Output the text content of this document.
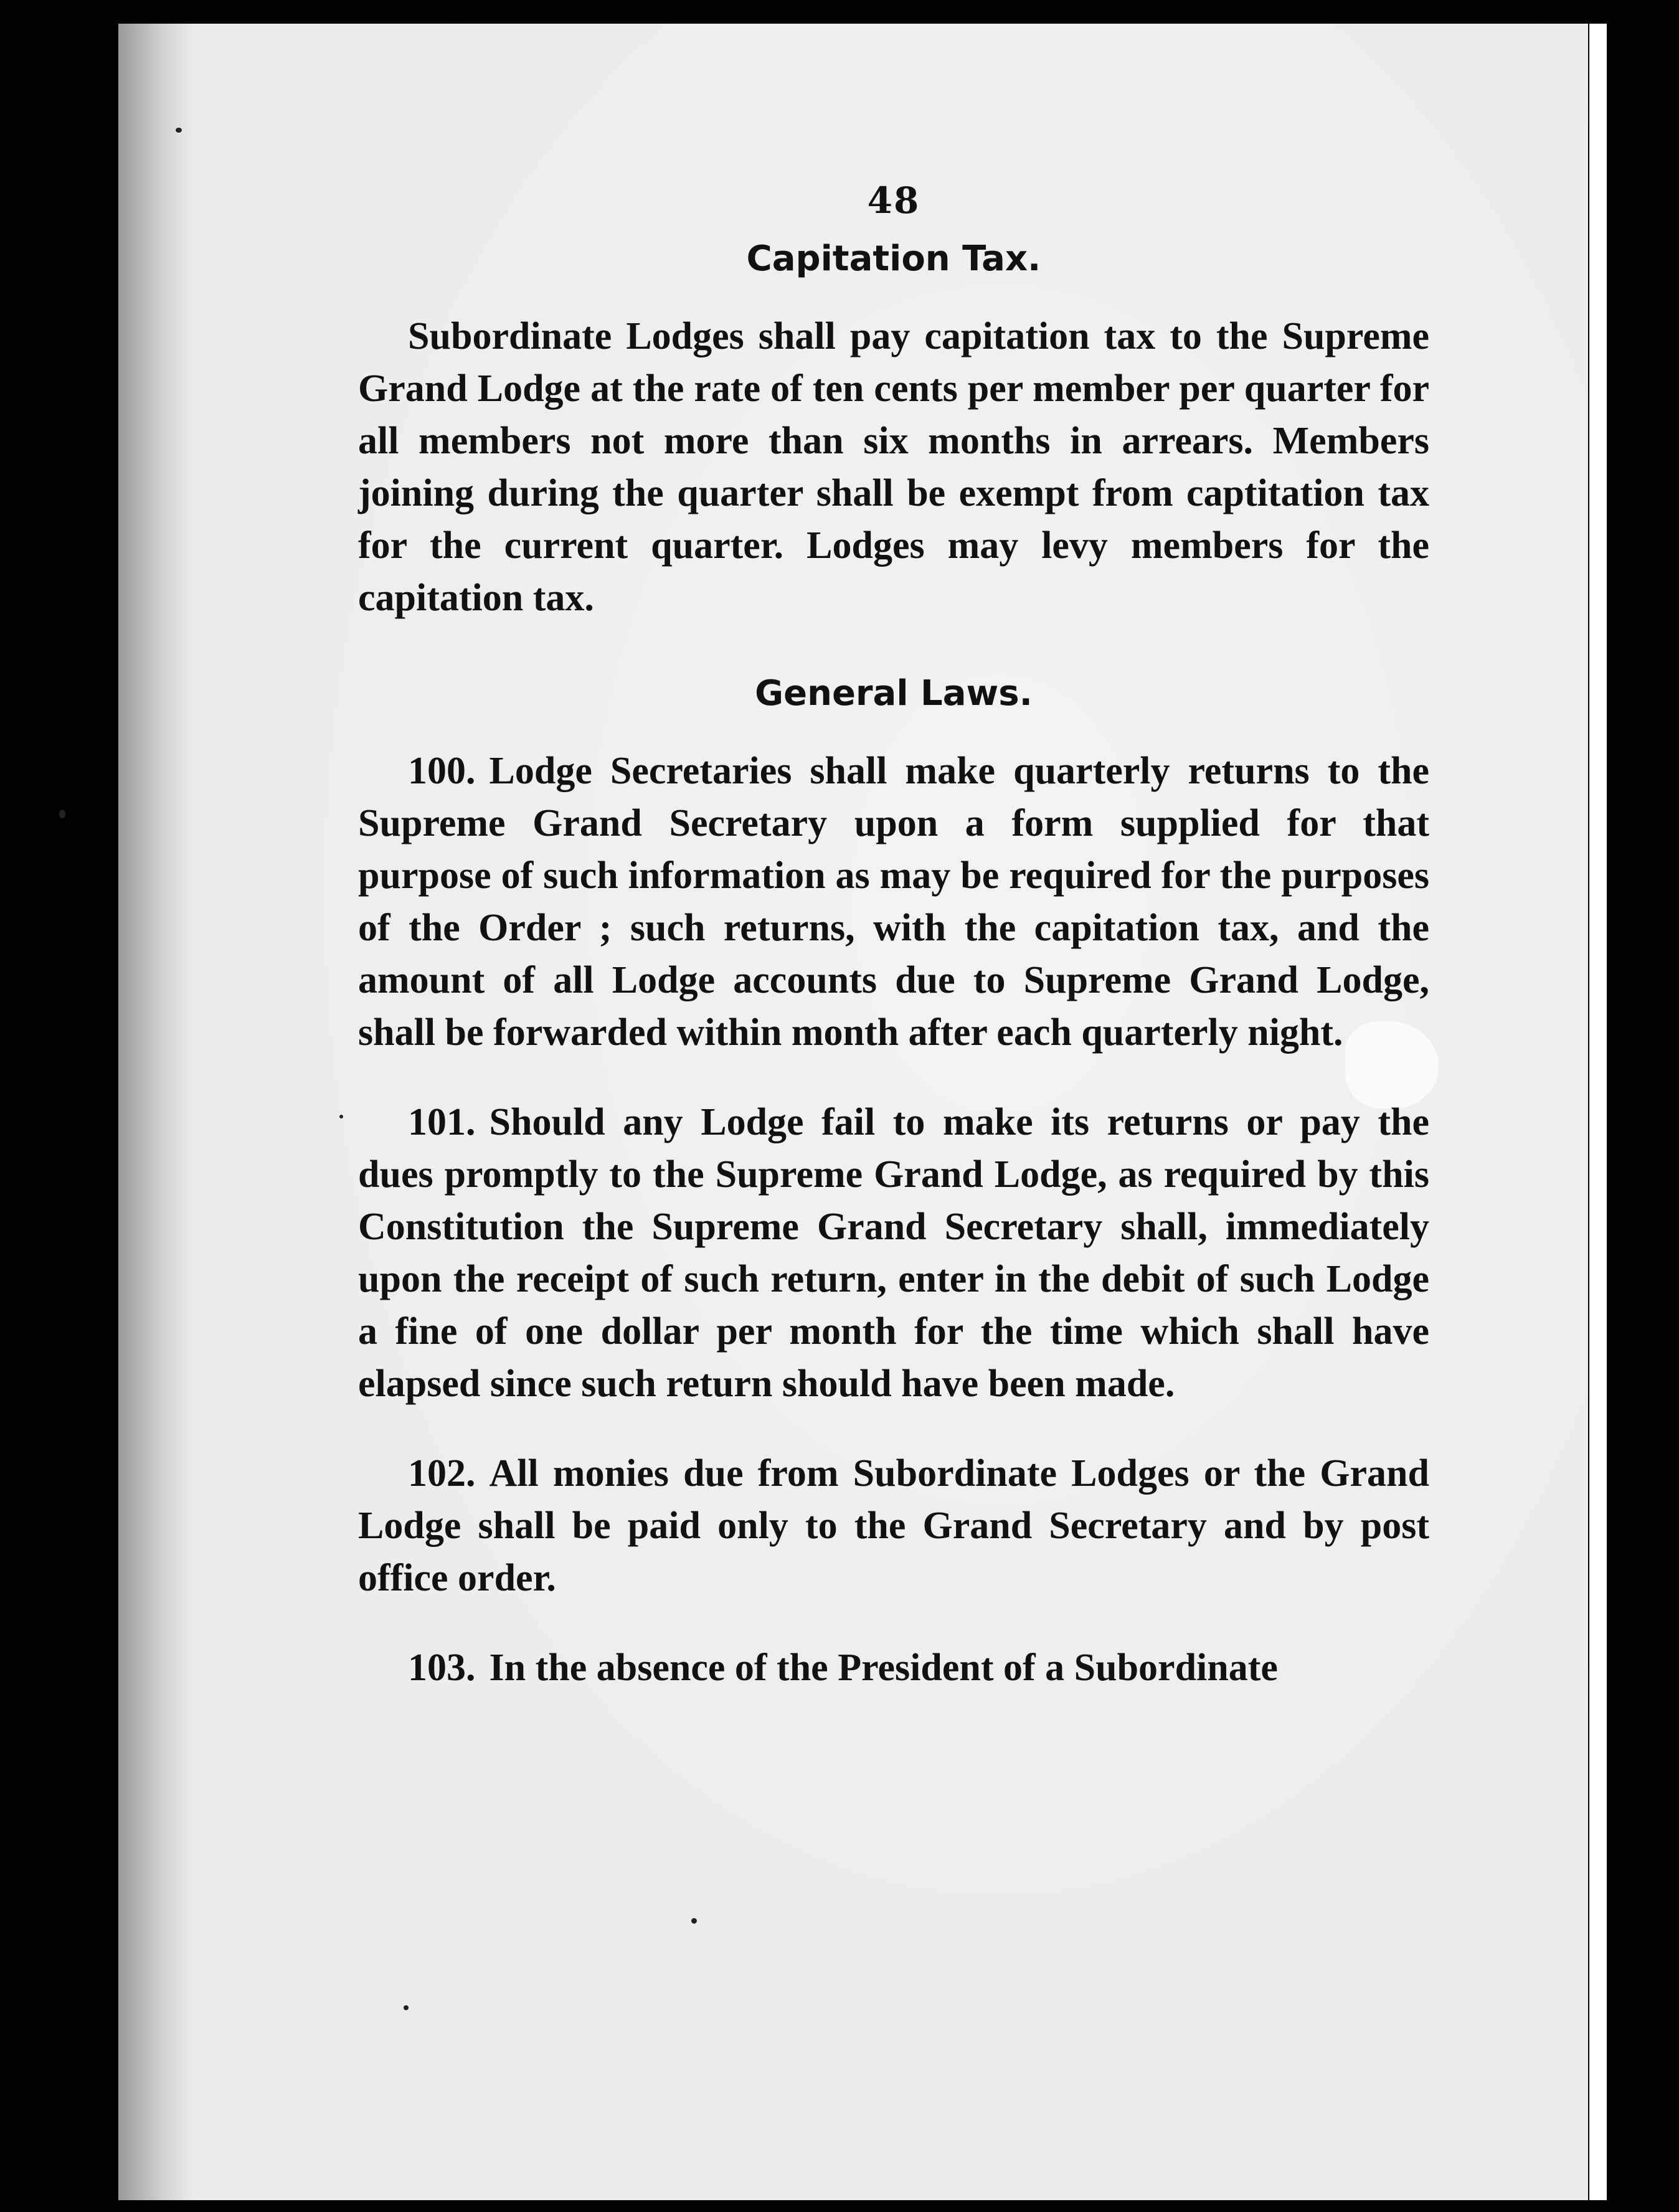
48
Capitation Tax.

Subordinate Lodges shall pay capitation tax to the Supreme Grand Lodge at the rate of ten cents per member per quarter for all members not more than six months in arrears. Members joining during the quarter shall be exempt from captitation tax for the current quarter. Lodges may levy members for the capitation tax.

General Laws.

100. Lodge Secretaries shall make quarterly returns to the Supreme Grand Secretary upon a form supplied for that purpose of such information as may be required for the purposes of the Order ; such returns, with the capitation tax, and the amount of all Lodge accounts due to Supreme Grand Lodge, shall be forwarded within month after each quarterly night.

101. Should any Lodge fail to make its returns or pay the dues promptly to the Supreme Grand Lodge, as required by this Constitution the Supreme Grand Secretary shall, immediately upon the receipt of such return, enter in the debit of such Lodge a fine of one dollar per month for the time which shall have elapsed since such return should have been made.

102. All monies due from Subordinate Lodges or the Grand Lodge shall be paid only to the Grand Secretary and by post office order.

103. In the absence of the President of a Subordinate
